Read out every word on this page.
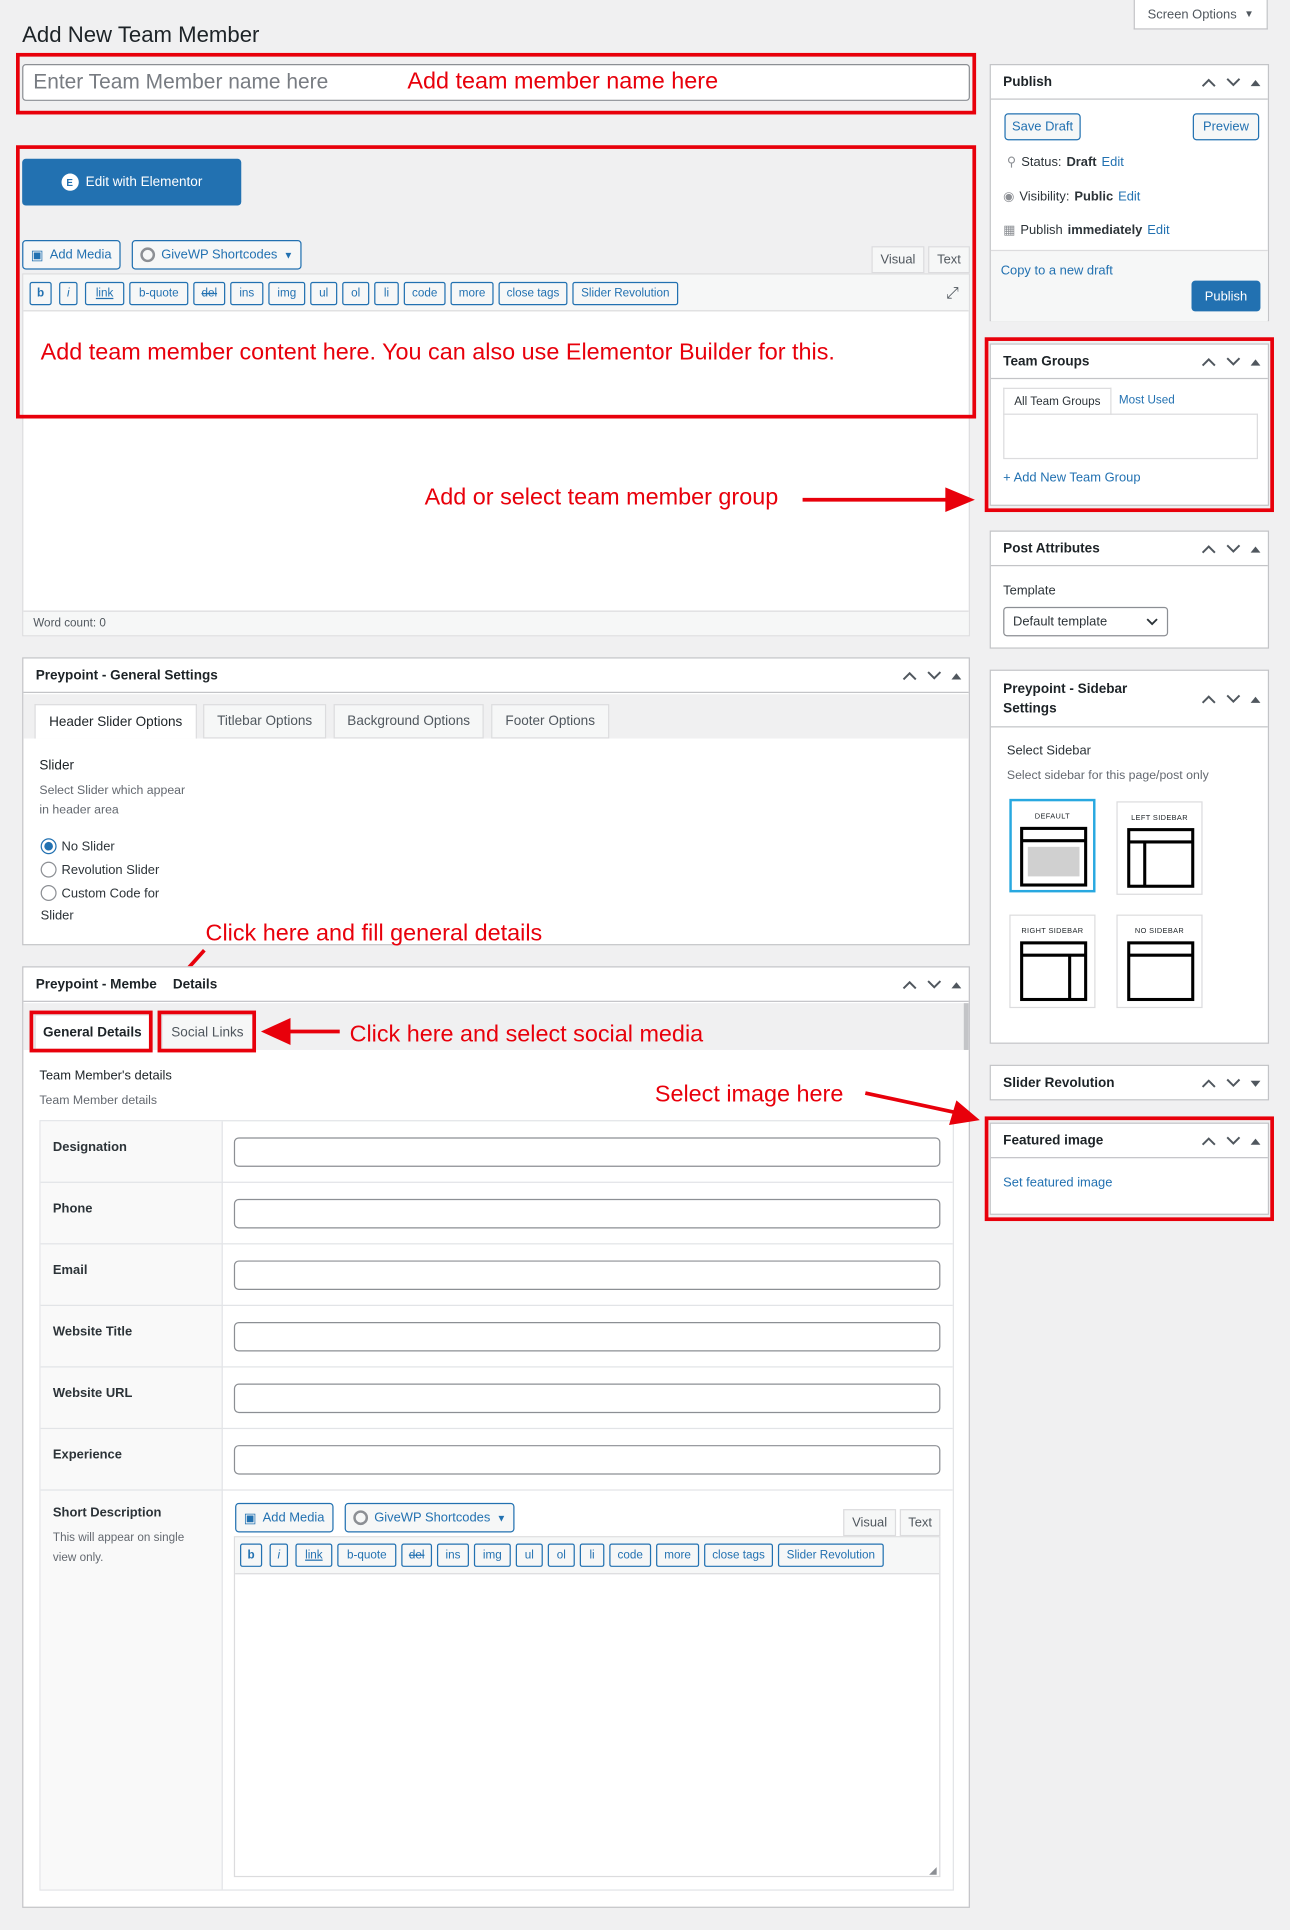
Add New Team Member
Screen Options ▼
Enter Team Member name here	Add team member name here
E	Edit with Elementor
▣ Add Media	GiveWP Shortcodes ▼	Visual	Text
b	i	link	b-quote	del	ins	img	ul	ol	li	code	more	close tags	Slider Revolution	⤢
Word count: 0
Add team member content here. You can also use Elementor Builder for this.
Add or select team member group
Preypoint - General Settings
Header Slider Options	Titlebar Options	Background Options	Footer Options
Slider
Select Slider which appear
in header area
No Slider
Revolution Slider
Custom Code for
Slider
Click here and fill general details
Preypoint - Membe Details
General Details	Social Links
Team Member's details
Team Member details
Designation
Phone
Email
Website Title
Website URL
Experience
Short Description
This will appear on single
view only.
▣ Add Media	GiveWP Shortcodes ▼	Visual	Text
b	i	link	b-quote	del	ins	img	ul	ol	li	code	more	close tags	Slider Revolution
◢
Click here and select social media
Select image here
Publish
Save Draft	Preview
⚲ Status: Draft Edit
◉ Visibility: Public Edit
▦ Publish immediately Edit
Copy to a new draft
Publish
Team Groups
All Team Groups Most Used
+ Add New Team Group
Post Attributes
Template
Default template
Preypoint - Sidebar
Settings
Select Sidebar
Select sidebar for this page/post only
DEFAULT	LEFT SIDEBAR
RIGHT SIDEBAR	NO SIDEBAR
Slider Revolution
Featured image
Set featured image
